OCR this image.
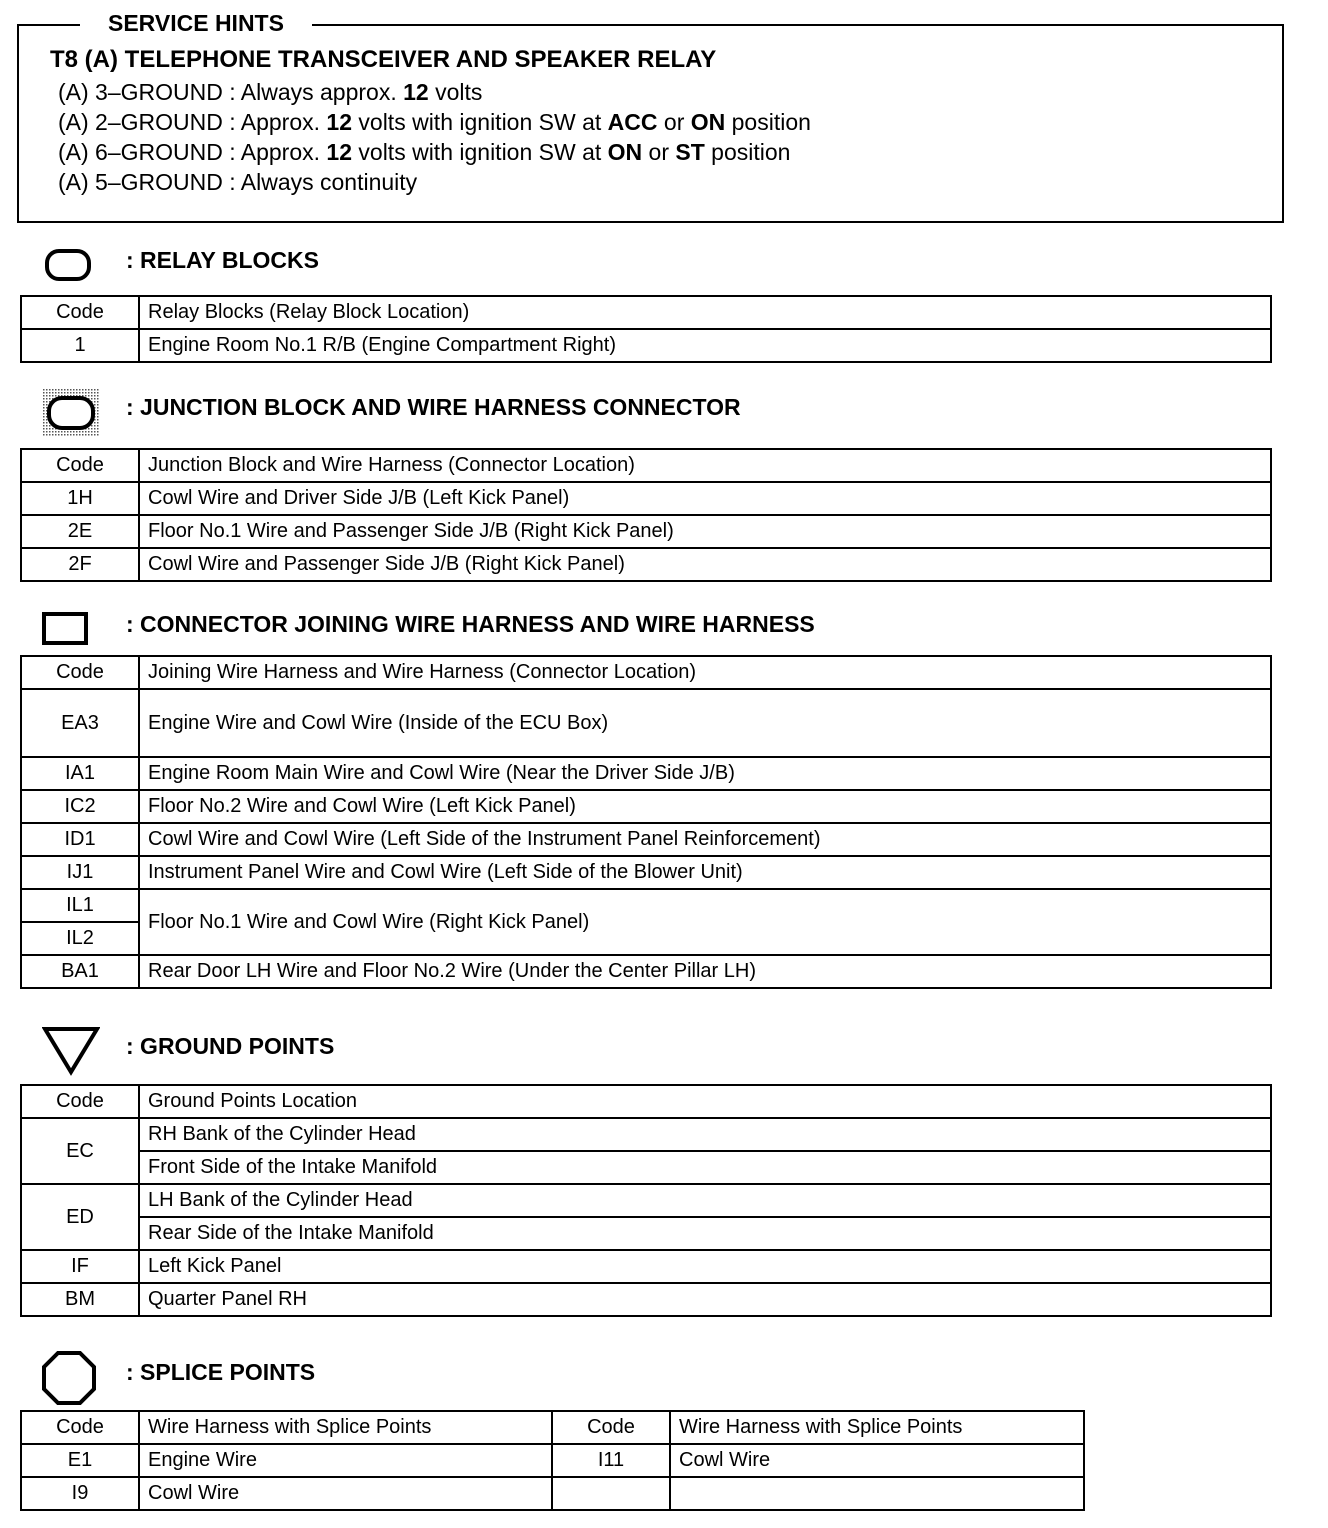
SERVICE HINTS
T8 (A) TELEPHONE TRANSCEIVER AND SPEAKER RELAY
(A) 3–GROUND : Always approx. 12 volts
(A) 2–GROUND : Approx. 12 volts with ignition SW at ACC or ON position
(A) 6–GROUND : Approx. 12 volts with ignition SW at ON or ST position
(A) 5–GROUND : Always continuity
: RELAY BLOCKS
Code	Relay Blocks (Relay Block Location)
1	Engine Room No.1 R/B (Engine Compartment Right)
: JUNCTION BLOCK AND WIRE HARNESS CONNECTOR
Code	Junction Block and Wire Harness (Connector Location)
1H	Cowl Wire and Driver Side J/B (Left Kick Panel)
2E	Floor No.1 Wire and Passenger Side J/B (Right Kick Panel)
2F	Cowl Wire and Passenger Side J/B (Right Kick Panel)
: CONNECTOR JOINING WIRE HARNESS AND WIRE HARNESS
Code	Joining Wire Harness and Wire Harness (Connector Location)
EA3	Engine Wire and Cowl Wire (Inside of the ECU Box)
IA1	Engine Room Main Wire and Cowl Wire (Near the Driver Side J/B)
IC2	Floor No.2 Wire and Cowl Wire (Left Kick Panel)
ID1	Cowl Wire and Cowl Wire (Left Side of the Instrument Panel Reinforcement)
IJ1	Instrument Panel Wire and Cowl Wire (Left Side of the Blower Unit)
IL1	Floor No.1 Wire and Cowl Wire (Right Kick Panel)
IL2	
BA1	Rear Door LH Wire and Floor No.2 Wire (Under the Center Pillar LH)
: GROUND POINTS
Code	Ground Points Location
EC	RH Bank of the Cylinder Head
	Front Side of the Intake Manifold
ED	LH Bank of the Cylinder Head
	Rear Side of the Intake Manifold
IF	Left Kick Panel
BM	Quarter Panel RH
: SPLICE POINTS
Code	Wire Harness with Splice Points	Code	Wire Harness with Splice Points
E1	Engine Wire	I11	Cowl Wire
I9	Cowl Wire		
